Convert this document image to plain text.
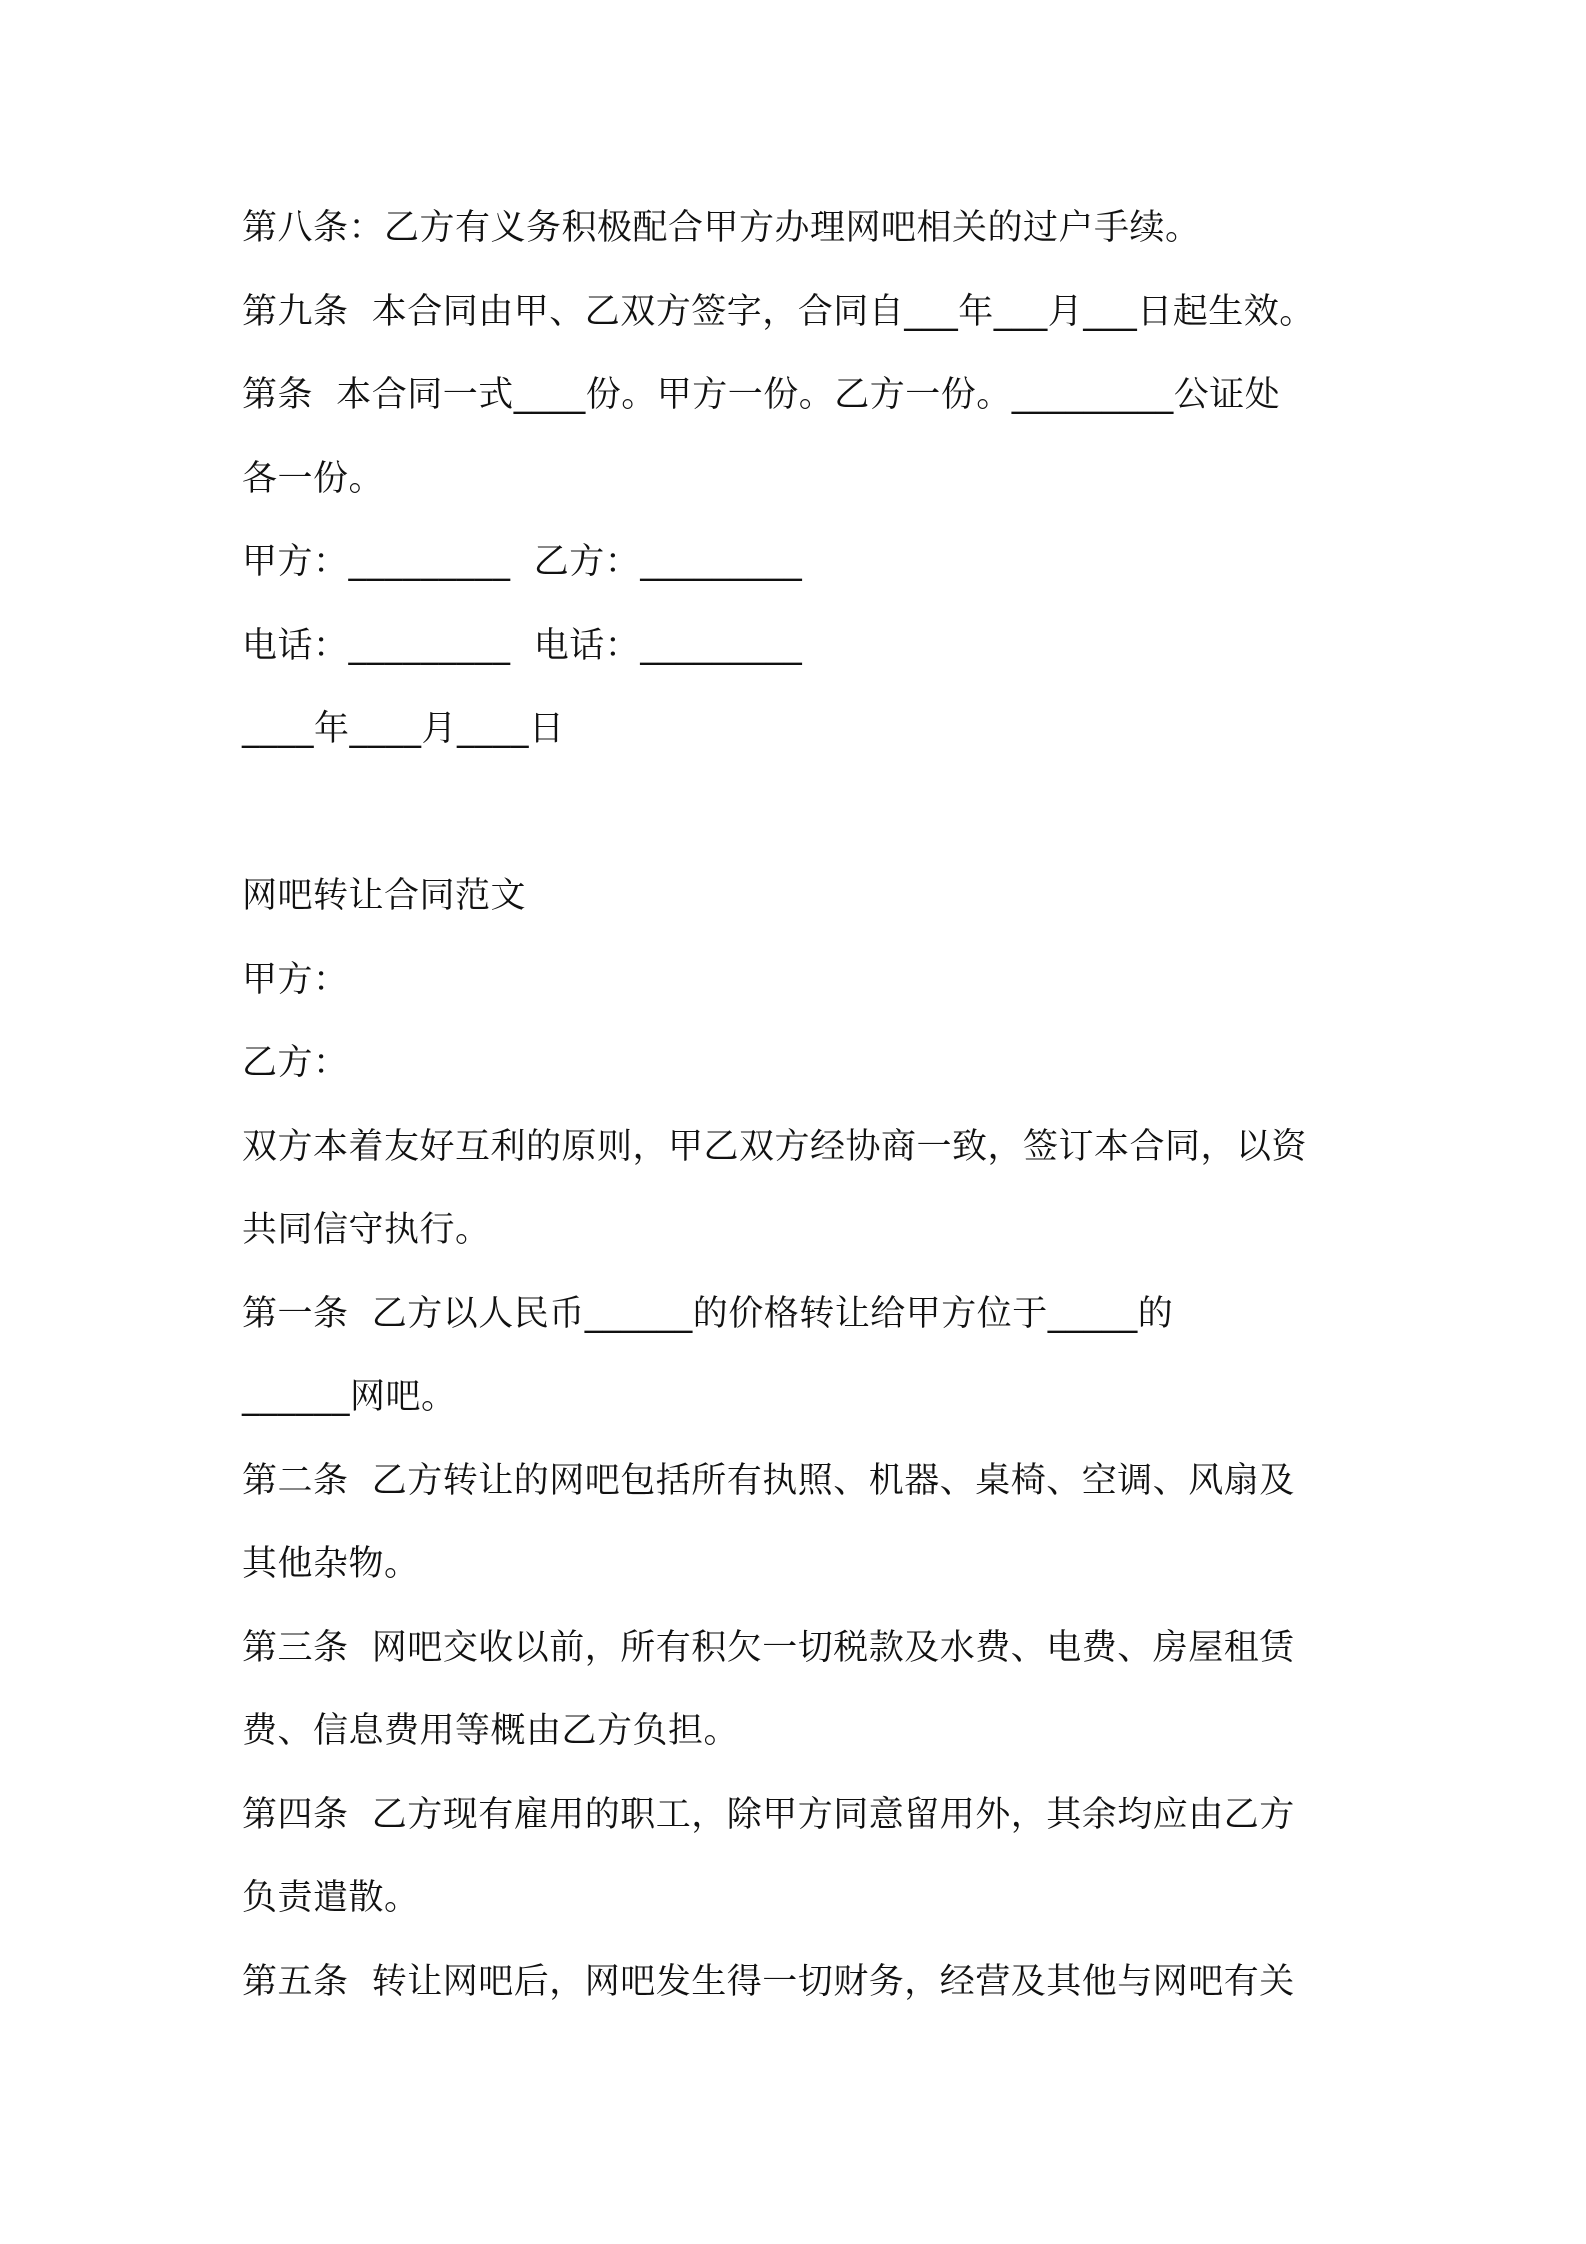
第八条：乙方有义务积极配合甲方办理网吧相关的过户手续。
第九条  本合同由甲、乙双方签字，合同自___年___月___日起生效。
第条  本合同一式____份。甲方一份。乙方一份。_________公证处
各一份。
甲方：_________  乙方：_________
电话：_________  电话：_________
____年____月____日
网吧转让合同范文
甲方：
乙方：
双方本着友好互利的原则，甲乙双方经协商一致，签订本合同，以资
共同信守执行。
第一条  乙方以人民币______的价格转让给甲方位于_____的
______网吧。
第二条  乙方转让的网吧包括所有执照、机器、桌椅、空调、风扇及
其他杂物。
第三条  网吧交收以前，所有积欠一切税款及水费、电费、房屋租赁
费、信息费用等概由乙方负担。
第四条  乙方现有雇用的职工，除甲方同意留用外，其余均应由乙方
负责遣散。
第五条  转让网吧后，网吧发生得一切财务，经营及其他与网吧有关
